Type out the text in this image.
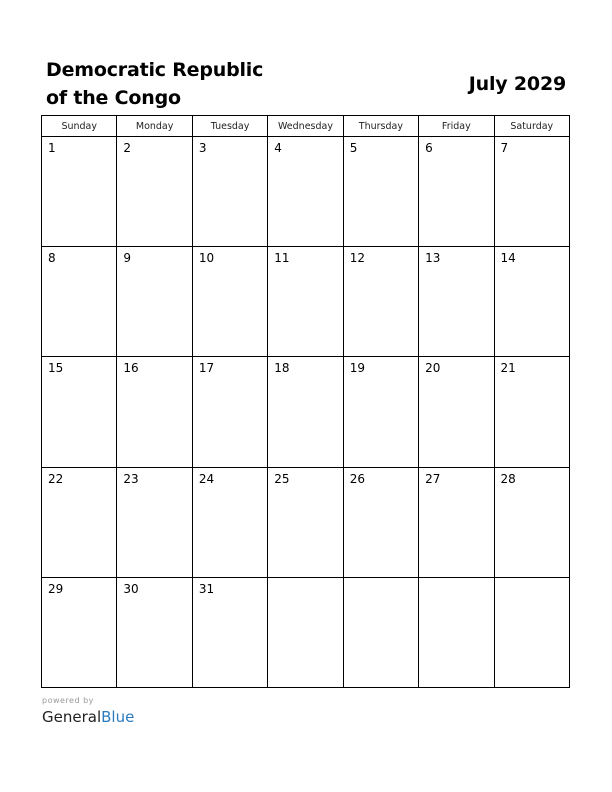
Democratic Republic
of the Congo
July 2029
Sunday	Monday	Tuesday	Wednesday	Thursday	Friday	Saturday

1	2	3	4	5	6	7

8	9	10	11	12	13	14

15	16	17	18	19	20	21

22	23	24	25	26	27	28

29	30	31				

powered by
GeneralBlue
